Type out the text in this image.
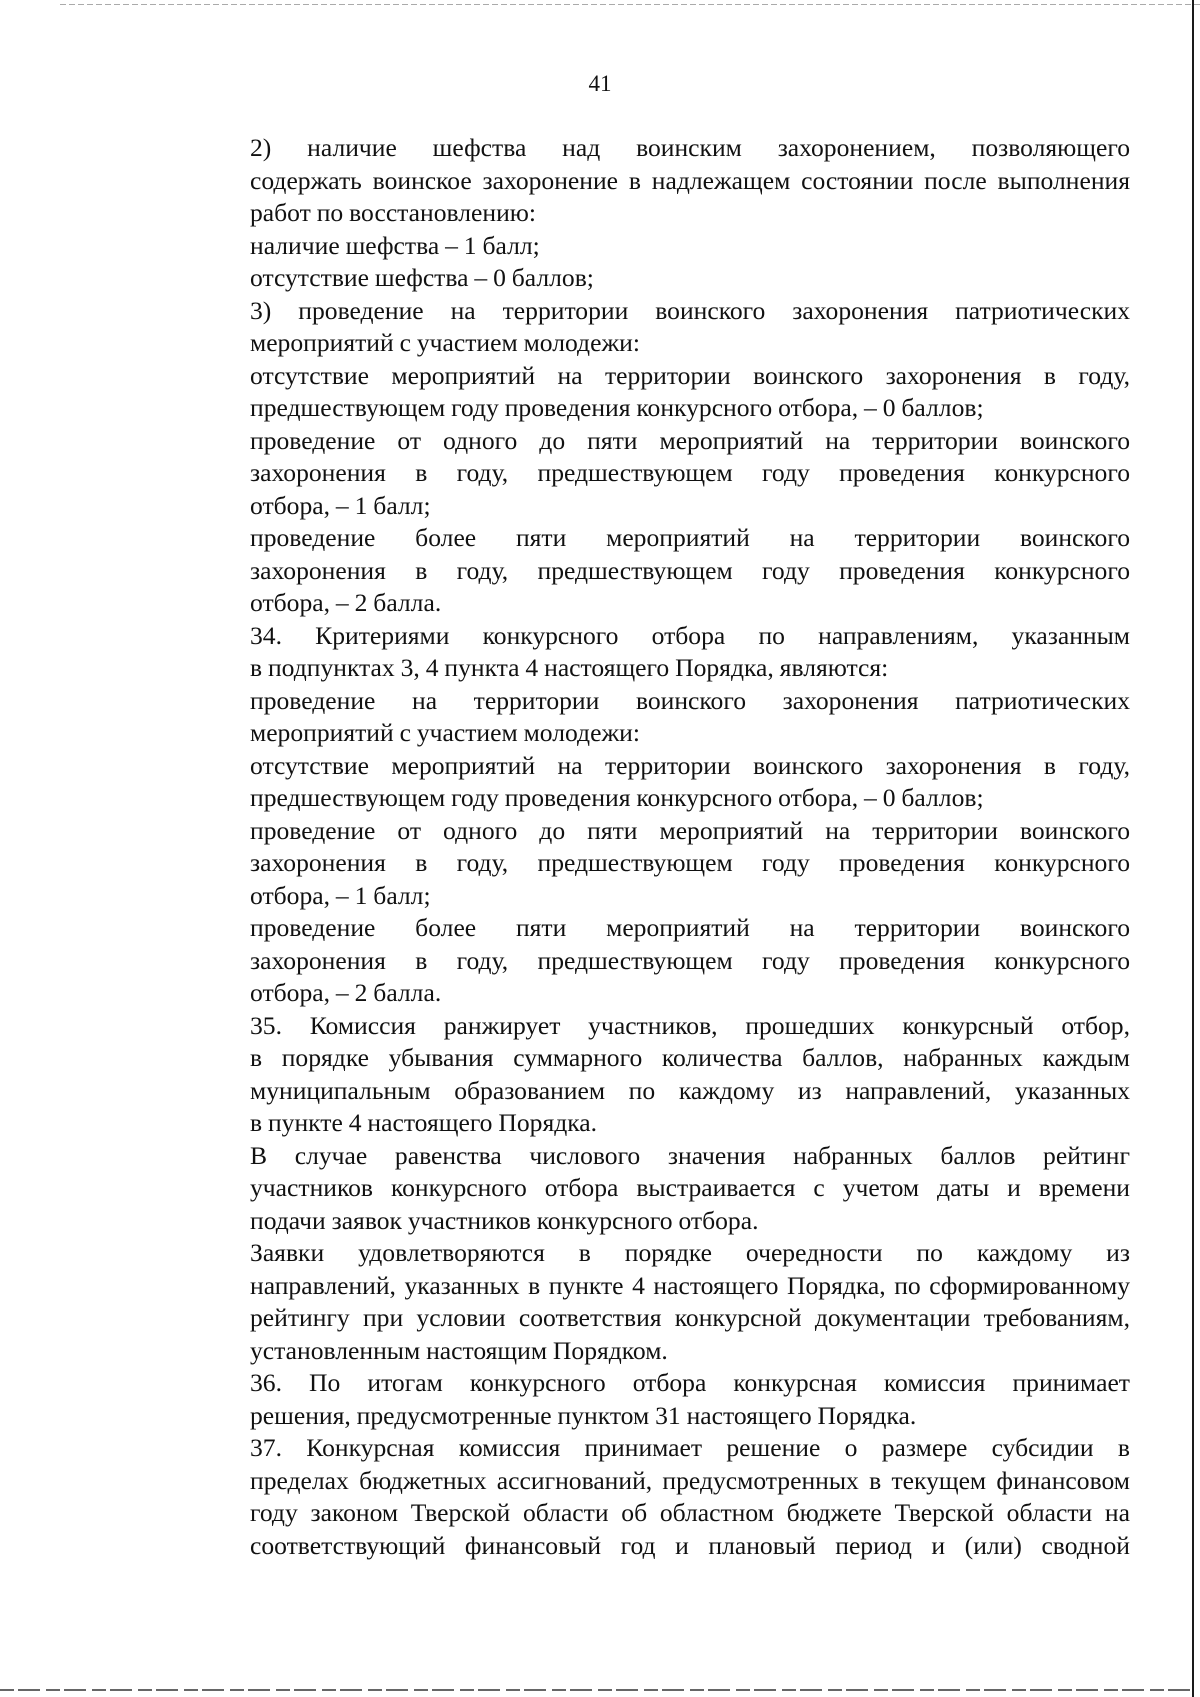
41

2) наличие шефства над воинским захоронением, позволяющего
содержать воинское захоронение в надлежащем состоянии после выполнения
работ по восстановлению:

наличие шефства – 1 балл;

отсутствие шефства – 0 баллов;

3) проведение на территории воинского захоронения патриотических
мероприятий с участием молодежи:

отсутствие мероприятий на территории воинского захоронения в году,
предшествующем году проведения конкурсного отбора, – 0 баллов;

проведение от одного до пяти мероприятий на территории воинского
захоронения в году, предшествующем году проведения конкурсного
отбора, – 1 балл;

проведение более пяти мероприятий на территории воинского
захоронения в году, предшествующем году проведения конкурсного
отбора, – 2 балла.

34. Критериями конкурсного отбора по направлениям, указанным
в подпунктах 3, 4 пункта 4 настоящего Порядка, являются:

проведение на территории воинского захоронения патриотических
мероприятий с участием молодежи:

отсутствие мероприятий на территории воинского захоронения в году,
предшествующем году проведения конкурсного отбора, – 0 баллов;

проведение от одного до пяти мероприятий на территории воинского
захоронения в году, предшествующем году проведения конкурсного
отбора, – 1 балл;

проведение более пяти мероприятий на территории воинского
захоронения в году, предшествующем году проведения конкурсного
отбора, – 2 балла.

35. Комиссия ранжирует участников, прошедших конкурсный отбор,
в порядке убывания суммарного количества баллов, набранных каждым
муниципальным образованием по каждому из направлений, указанных
в пункте 4 настоящего Порядка.

В случае равенства числового значения набранных баллов рейтинг
участников конкурсного отбора выстраивается с учетом даты и времени
подачи заявок участников конкурсного отбора.

Заявки удовлетворяются в порядке очередности по каждому из
направлений, указанных в пункте 4 настоящего Порядка, по сформированному
рейтингу при условии соответствия конкурсной документации требованиям,
установленным настоящим Порядком.

36. По итогам конкурсного отбора конкурсная комиссия принимает
решения, предусмотренные пунктом 31 настоящего Порядка.

37. Конкурсная комиссия принимает решение о размере субсидии в
пределах бюджетных ассигнований, предусмотренных в текущем финансовом
году законом Тверской области об областном бюджете Тверской области на
соответствующий финансовый год и плановый период и (или) сводной
